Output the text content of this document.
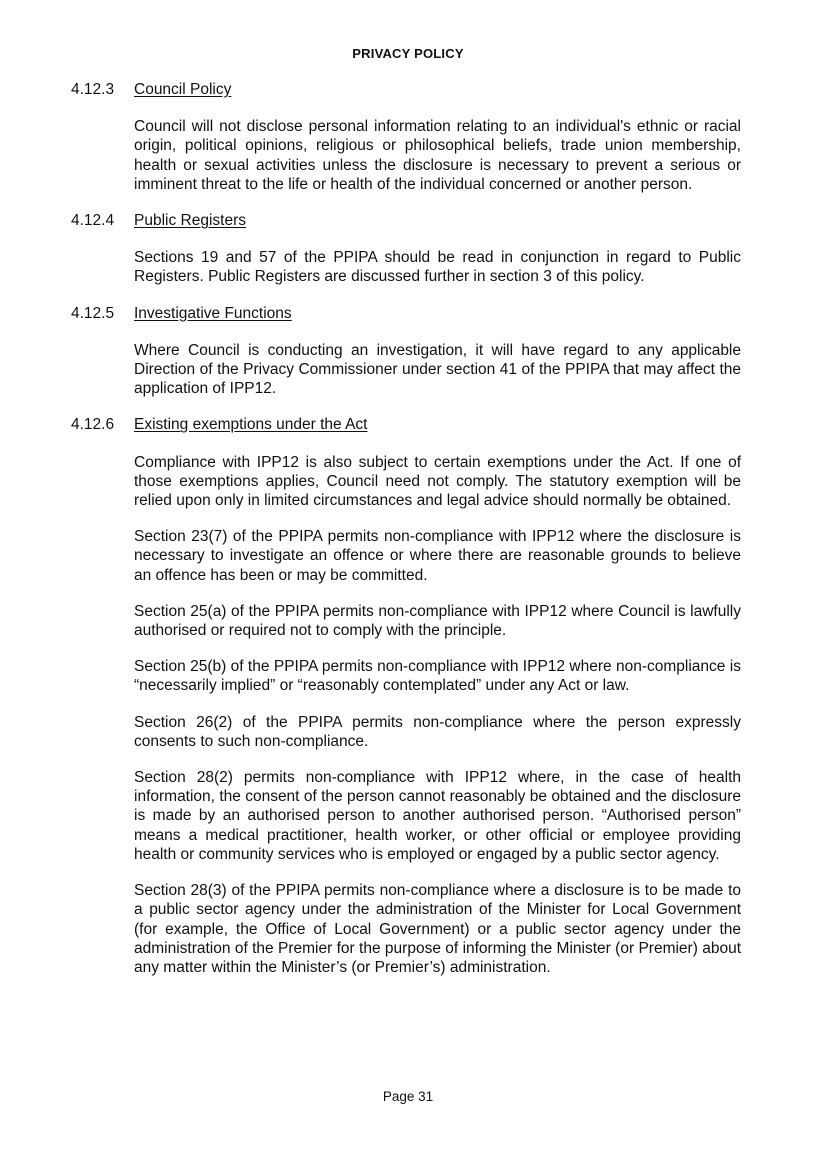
PRIVACY POLICY
4.12.3	Council Policy

Council will not disclose personal information relating to an individual's ethnic or racial origin, political opinions, religious or philosophical beliefs, trade union membership, health or sexual activities unless the disclosure is necessary to prevent a serious or imminent threat to the life or health of the individual concerned or another person.

4.12.4	Public Registers

Sections 19 and 57 of the PPIPA should be read in conjunction in regard to Public Registers. Public Registers are discussed further in section 3 of this policy.

4.12.5	Investigative Functions

Where Council is conducting an investigation, it will have regard to any applicable Direction of the Privacy Commissioner under section 41 of the PPIPA that may affect the application of IPP12.

4.12.6	Existing exemptions under the Act

Compliance with IPP12 is also subject to certain exemptions under the Act. If one of those exemptions applies, Council need not comply. The statutory exemption will be relied upon only in limited circumstances and legal advice should normally be obtained.

Section 23(7) of the PPIPA permits non-compliance with IPP12 where the disclosure is necessary to investigate an offence or where there are reasonable grounds to believe an offence has been or may be committed.

Section 25(a) of the PPIPA permits non-compliance with IPP12 where Council is lawfully authorised or required not to comply with the principle.

Section 25(b) of the PPIPA permits non-compliance with IPP12 where non-compliance is “necessarily implied” or “reasonably contemplated” under any Act or law.

Section 26(2) of the PPIPA permits non-compliance where the person expressly consents to such non-compliance.

Section 28(2) permits non-compliance with IPP12 where, in the case of health information, the consent of the person cannot reasonably be obtained and the disclosure is made by an authorised person to another authorised person. “Authorised person” means a medical practitioner, health worker, or other official or employee providing health or community services who is employed or engaged by a public sector agency.

Section 28(3) of the PPIPA permits non-compliance where a disclosure is to be made to a public sector agency under the administration of the Minister for Local Government (for example, the Office of Local Government) or a public sector agency under the administration of the Premier for the purpose of informing the Minister (or Premier) about any matter within the Minister’s (or Premier’s) administration.

Page 31
